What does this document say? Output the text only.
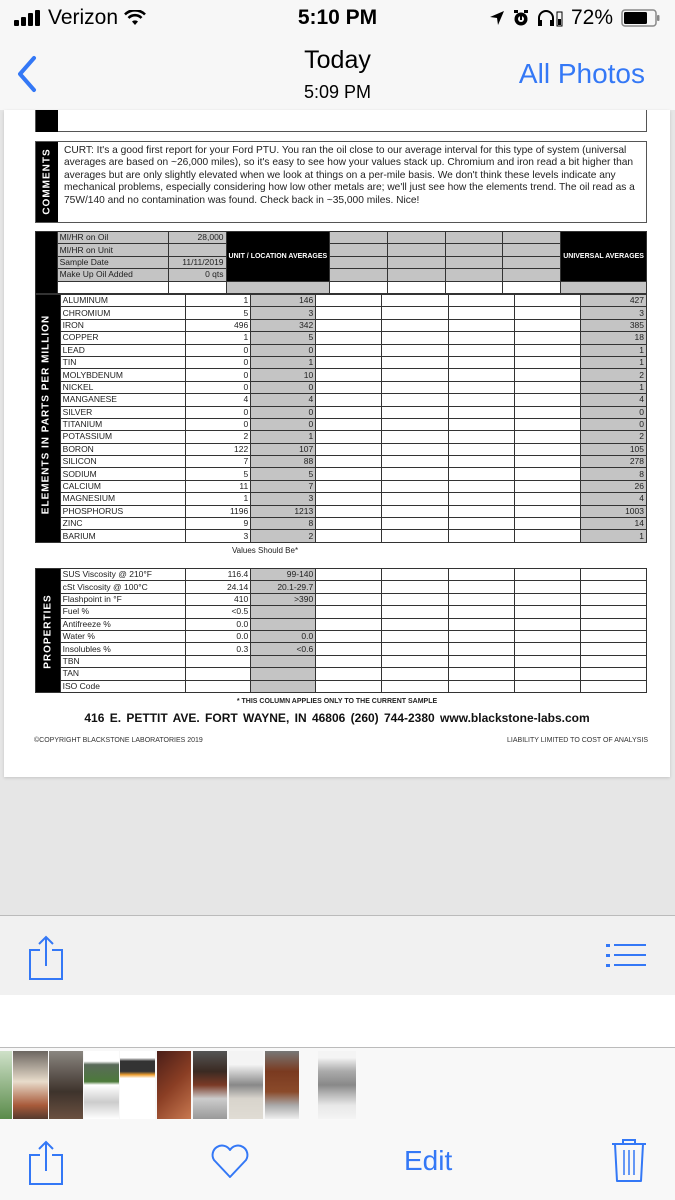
Verizon	5:10 PM	72%
Today
5:09 PM
All Photos
COMMENTS CURT: It's a good first report for your Ford PTU. You ran the oil close to our average interval for this type of system (universal averages are based on ~26,000 miles), so it's easy to see how your values stack up. Chromium and iron read a bit higher than averages but are only slightly elevated when we look at things on a per-mile basis. We don't think these levels indicate any mechanical problems, especially considering how low other metals are; we'll just see how the elements trend. The oil read as a 75W/140 and no contamination was found. Check back in ~35,000 miles. Nice!
	MI/HR on Oil	28,000	UNIT / LOCATION AVERAGES					UNIVERSAL AVERAGES
	MI/HR on Unit							
	Sample Date	11/11/2019						
	Make Up Oil Added	0 qts						

ELEMENTS IN PARTS PER MILLION	ALUMINUM	1	146					427
	CHROMIUM	5	3					3
	IRON	496	342					385
	COPPER	1	5					18
	LEAD	0	0					1
	TIN	0	1					1
	MOLYBDENUM	0	10					2
	NICKEL	0	0					1
	MANGANESE	4	4					4
	SILVER	0	0					0
	TITANIUM	0	0					0
	POTASSIUM	2	1					2
	BORON	122	107					105
	SILICON	7	88					278
	SODIUM	5	5					8
	CALCIUM	11	7					26
	MAGNESIUM	1	3					4
	PHOSPHORUS	1196	1213					1003
	ZINC	9	8					14
	BARIUM	3	2					1
Values Should Be*
PROPERTIES	SUS Viscosity @ 210°F	116.4	99-140					
	cSt Viscosity @ 100°C	24.14	20.1-29.7					
	Flashpoint in °F	410	>390					
	Fuel %	<0.5						
	Antifreeze %	0.0						
	Water %	0.0	0.0					
	Insolubles %	0.3	<0.6					
	TBN							
	TAN							
	ISO Code							
* THIS COLUMN APPLIES ONLY TO THE CURRENT SAMPLE
416 E. PETTIT AVE. FORT WAYNE, IN 46806 (260) 744-2380 www.blackstone-labs.com
©COPYRIGHT BLACKSTONE LABORATORIES 2019	LIABILITY LIMITED TO COST OF ANALYSIS
Edit
